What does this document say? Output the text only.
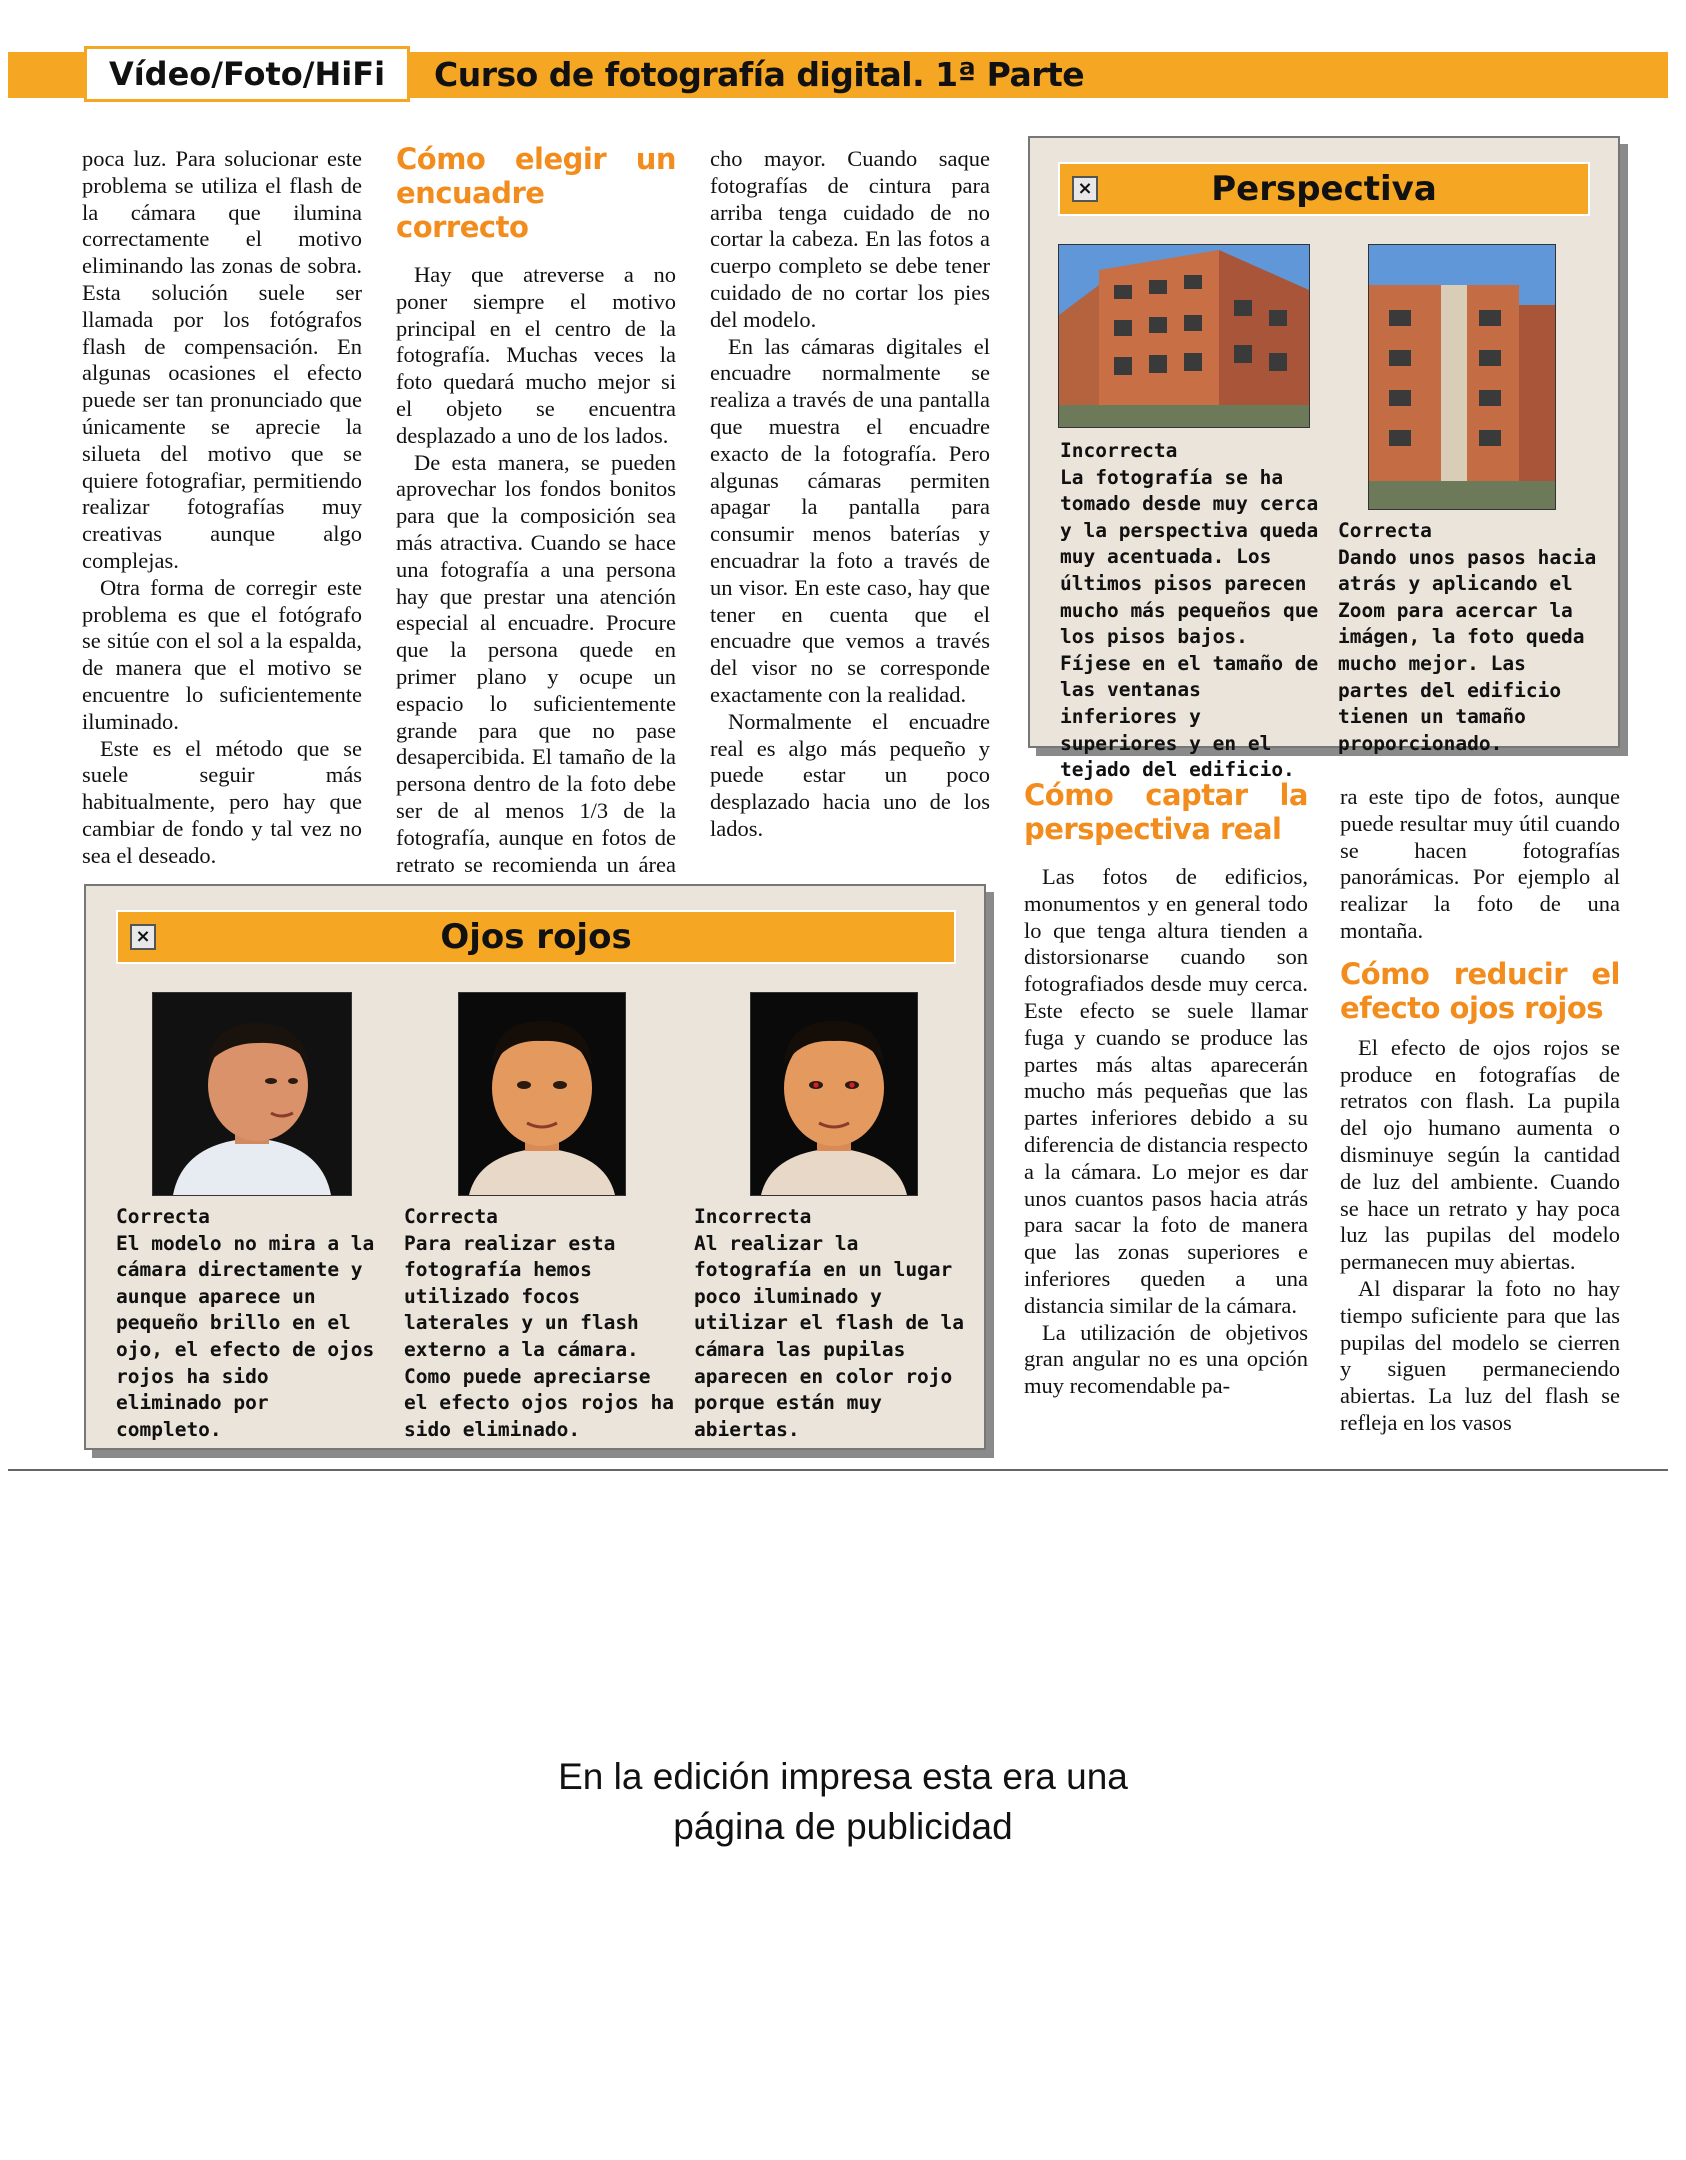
Vídeo/Foto/HiFi	Curso de fotografía digital. 1ª Parte

poca luz. Para solucionar este problema se utiliza el flash de la cámara que ilumina correctamente el motivo eliminando las zonas de sobra. Esta solución suele ser llamada por los fotógrafos flash de compensación. En algunas ocasiones el efecto puede ser tan pronunciado que únicamente se aprecie la silueta del motivo que se quiere fotografiar, permitiendo realizar fotografías muy creativas aunque algo complejas.

Otra forma de corregir este problema es que el fotógrafo se sitúe con el sol a la espalda, de manera que el motivo se encuentre lo suficientemente iluminado.

Este es el método que se suele seguir más habitualmente, pero hay que cambiar de fondo y tal vez no sea el deseado.

Cómo elegir un encuadre correcto

Hay que atreverse a no poner siempre el motivo principal en el centro de la fotografía. Muchas veces la foto quedará mucho mejor si el objeto se encuentra desplazado a uno de los lados.

De esta manera, se pueden aprovechar los fondos bonitos para que la composición sea más atractiva. Cuando se hace una fotografía a una persona hay que prestar una atención especial al encuadre. Procure que la persona quede en primer plano y ocupe un espacio lo suficientemente grande para que no pase desapercibida. El tamaño de la persona dentro de la foto debe ser de al menos 1/3 de la fotografía, aunque en fotos de retrato se recomienda un área

cho mayor. Cuando saque fotografías de cintura para arriba tenga cuidado de no cortar la cabeza. En las fotos a cuerpo completo se debe tener cuidado de no cortar los pies del modelo.

En las cámaras digitales el encuadre normalmente se realiza a través de una pantalla que muestra el encuadre exacto de la fotografía. Pero algunas cámaras permiten apagar la pantalla para consumir menos baterías y encuadrar la foto a través de un visor. En este caso, hay que tener en cuenta que el encuadre que vemos a través del visor no se corresponde exactamente con la realidad.

Normalmente el encuadre real es algo más pequeño y puede estar un poco desplazado hacia uno de los lados.

×	Perspectiva
Incorrecta
La fotografía se ha tomado desde muy cerca y la perspectiva queda muy acentuada. Los últimos pisos parecen mucho más pequeños que los pisos bajos. Fíjese en el tamaño de las ventanas inferiores y superiores y en el tejado del edificio.
Correcta
Dando unos pasos hacia atrás y aplicando el Zoom para acercar la imágen, la foto queda mucho mejor. Las partes del edificio tienen un tamaño proporcionado.
Cómo captar la perspectiva real

Las fotos de edificios, monumentos y en general todo lo que tenga altura tienden a distorsionarse cuando son fotografiados desde muy cerca. Este efecto se suele llamar fuga y cuando se produce las partes más altas aparecerán mucho más pequeñas que las partes inferiores debido a su diferencia de distancia respecto a la cámara. Lo mejor es dar unos cuantos pasos hacia atrás para sacar la foto de manera que las zonas superiores e inferiores queden a una distancia similar de la cámara.

La utilización de objetivos gran angular no es una opción muy recomendable pa-

ra este tipo de fotos, aunque puede resultar muy útil cuando se hacen fotografías panorámicas. Por ejemplo al realizar la foto de una montaña.

Cómo reducir el efecto ojos rojos

El efecto de ojos rojos se produce en fotografías de retratos con flash. La pupila del ojo humano aumenta o disminuye según la cantidad de luz del ambiente. Cuando se hace un retrato y hay poca luz las pupilas del modelo permanecen muy abiertas.

Al disparar la foto no hay tiempo suficiente para que las pupilas del modelo se cierren y siguen permaneciendo abiertas. La luz del flash se refleja en los vasos

×	Ojos rojos
Correcta
El modelo no mira a la cámara directamente y aunque aparece un pequeño brillo en el ojo, el efecto de ojos rojos ha sido eliminado por completo.
Correcta
Para realizar esta fotografía hemos utilizado focos laterales y un flash externo a la cámara. Como puede apreciarse el efecto ojos rojos ha sido eliminado.
Incorrecta
Al realizar la fotografía en un lugar poco iluminado y utilizar el flash de la cámara las pupilas aparecen en color rojo porque están muy abiertas.
En la edición impresa esta era una
página de publicidad
